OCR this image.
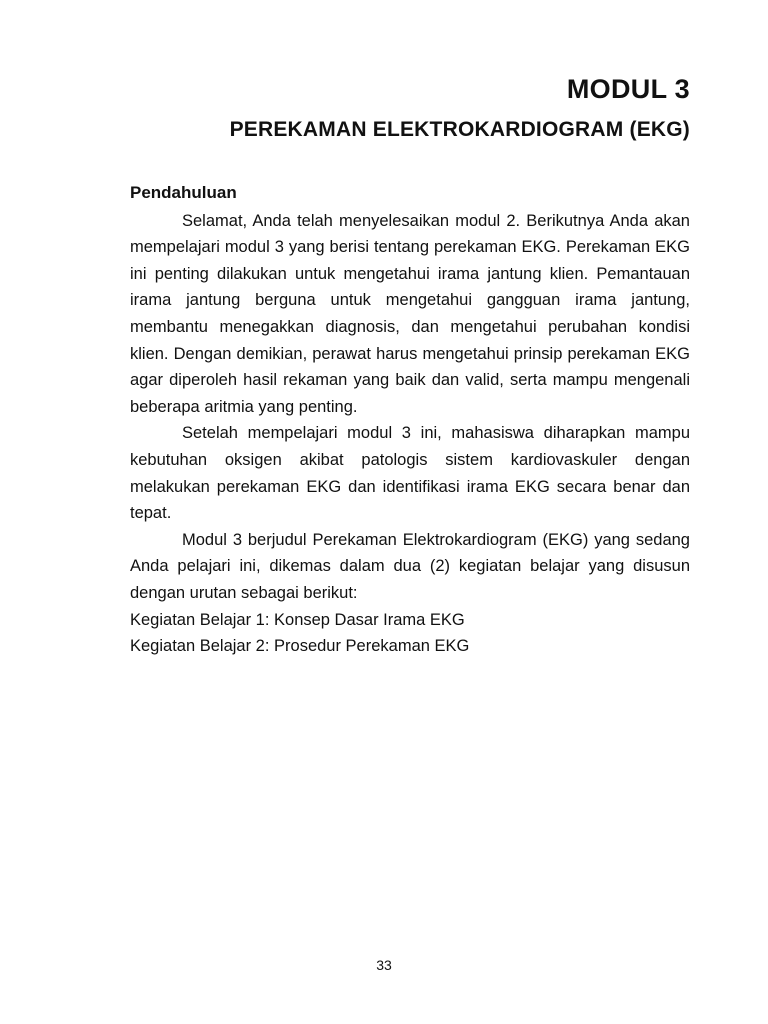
MODUL 3
PEREKAMAN ELEKTROKARDIOGRAM (EKG)

Pendahuluan

Selamat, Anda telah menyelesaikan modul 2. Berikutnya Anda akan mempelajari modul 3 yang berisi tentang perekaman EKG. Perekaman EKG ini penting dilakukan untuk mengetahui irama jantung klien. Pemantauan irama jantung berguna untuk mengetahui gangguan irama jantung, membantu menegakkan diagnosis, dan mengetahui perubahan kondisi klien. Dengan demikian, perawat harus mengetahui prinsip perekaman EKG agar diperoleh hasil rekaman yang baik dan valid, serta mampu mengenali beberapa aritmia yang penting.

Setelah mempelajari modul 3 ini, mahasiswa diharapkan mampu kebutuhan oksigen akibat patologis sistem kardiovaskuler dengan melakukan perekaman EKG dan identifikasi irama EKG secara benar dan tepat.

Modul 3 berjudul Perekaman Elektrokardiogram (EKG) yang sedang Anda pelajari ini, dikemas dalam dua (2) kegiatan belajar yang disusun dengan urutan sebagai berikut:

Kegiatan Belajar 1: Konsep Dasar Irama EKG

Kegiatan Belajar 2: Prosedur Perekaman EKG

33
